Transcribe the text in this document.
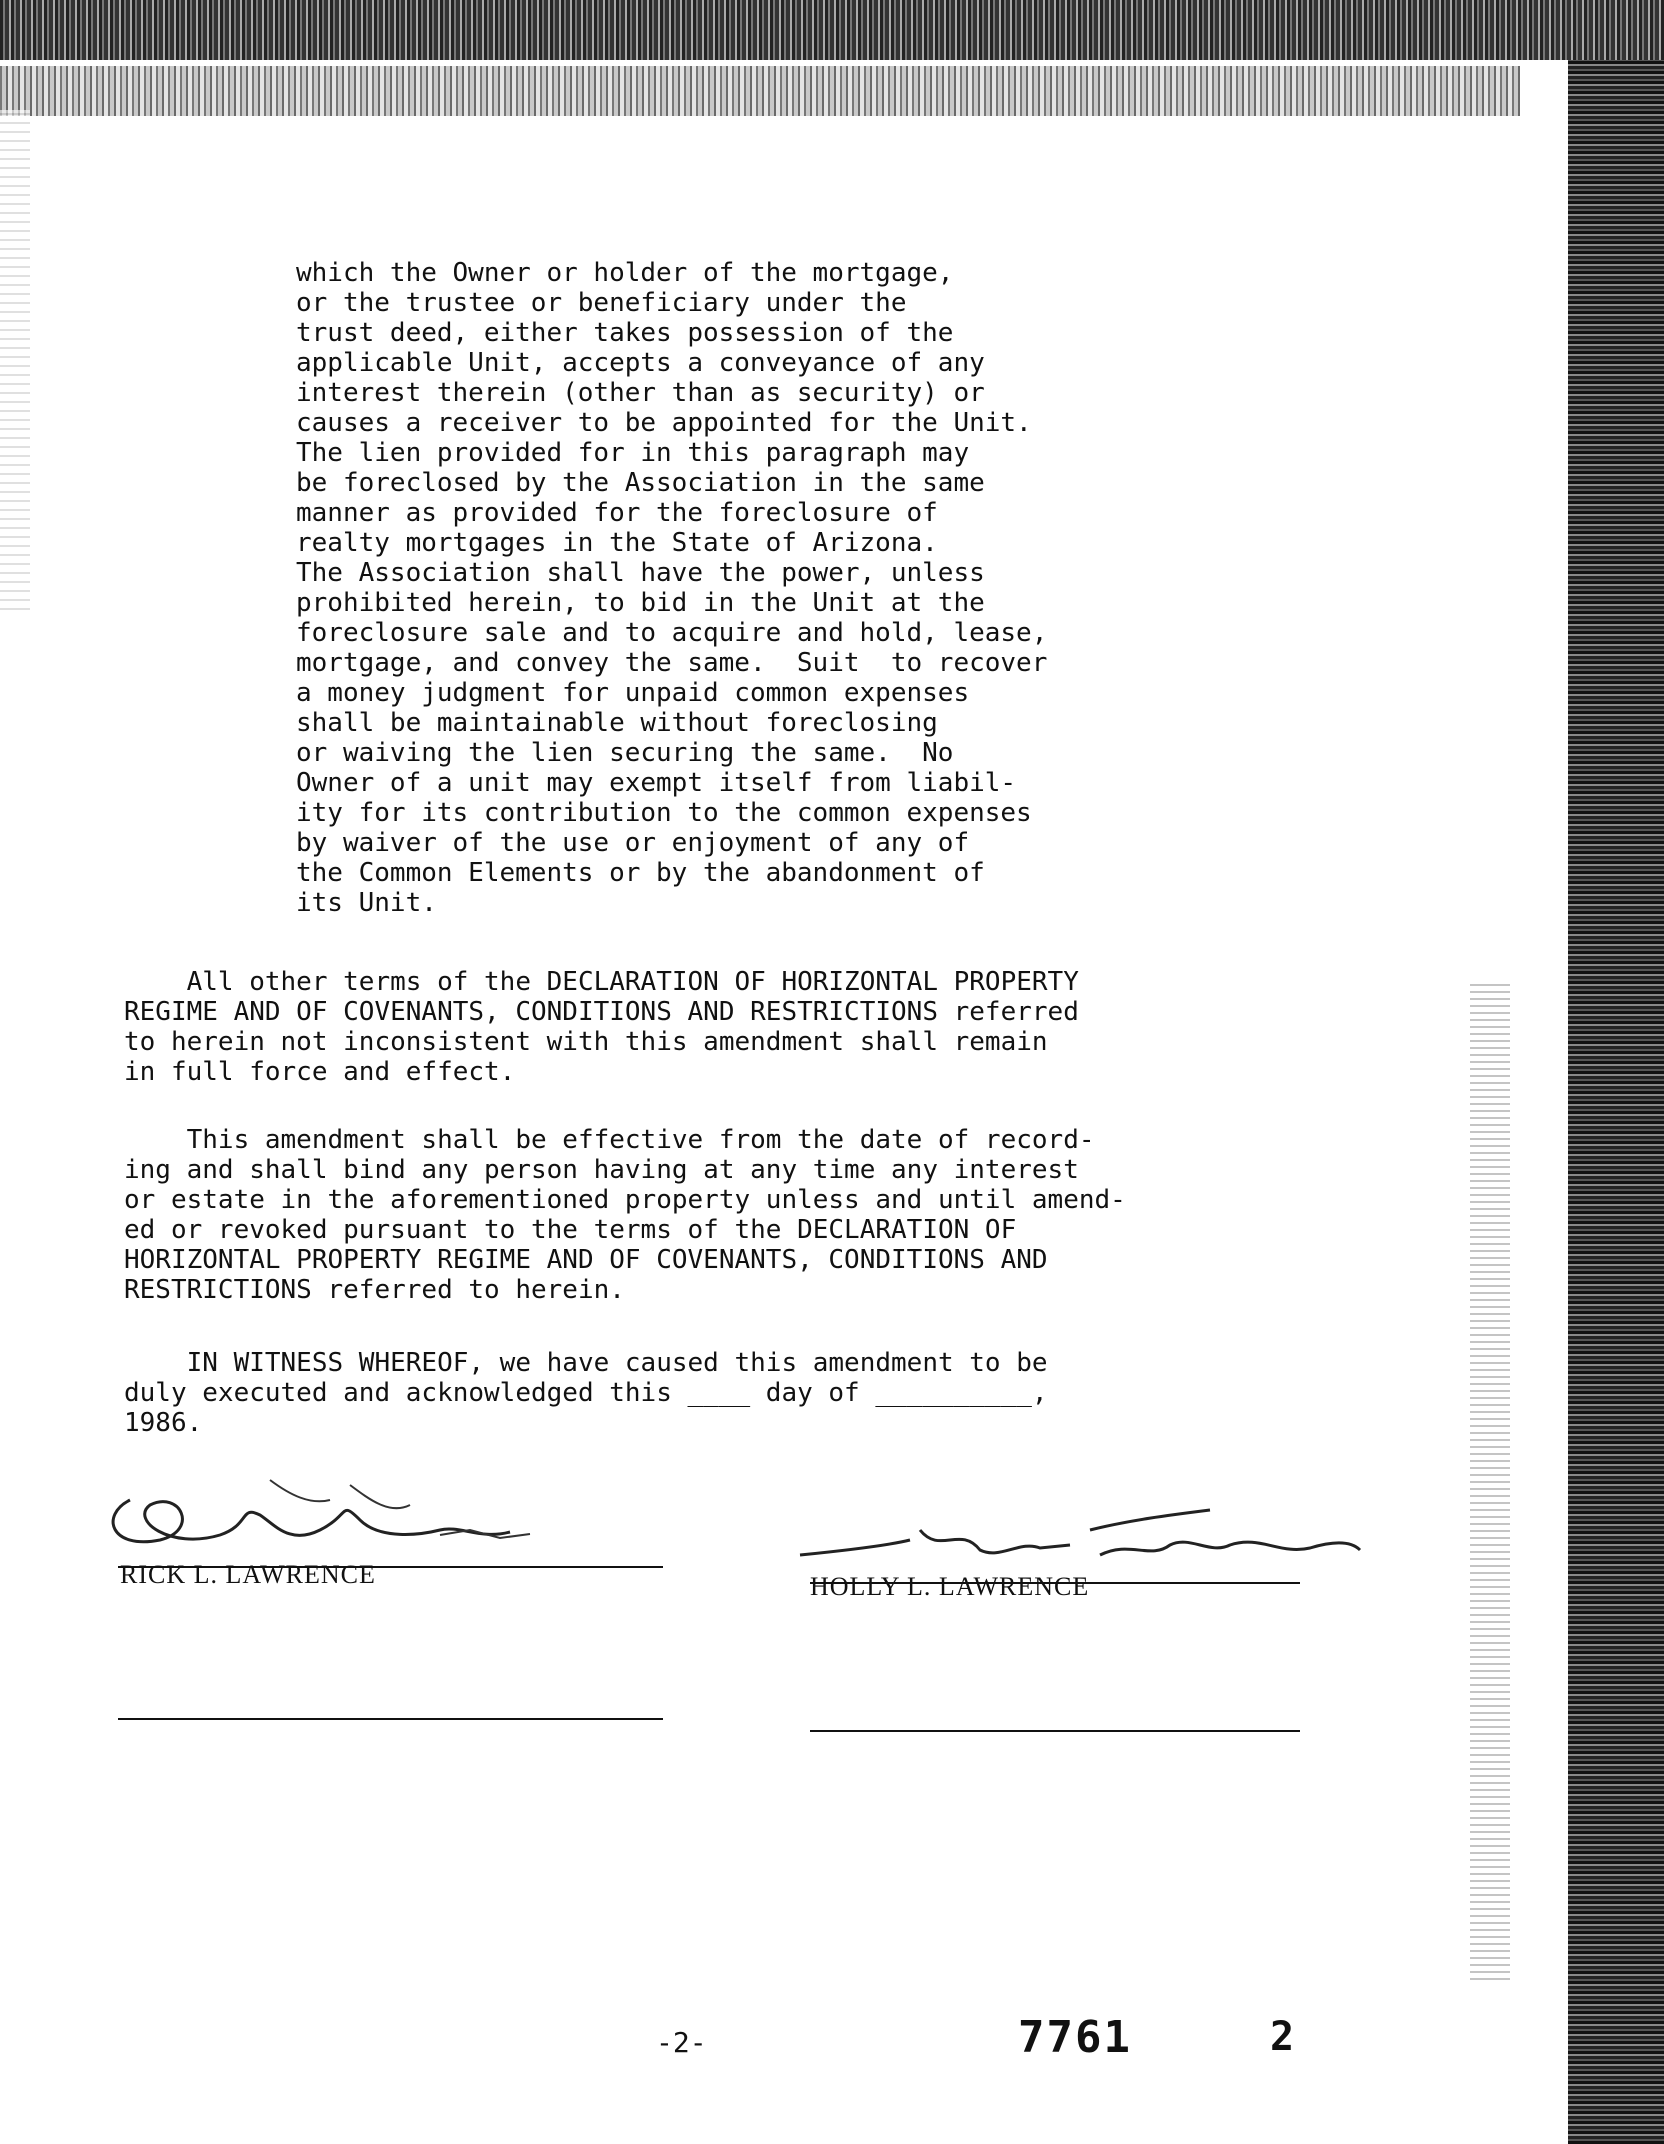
which the Owner or holder of the mortgage,
or the trustee or beneficiary under the
trust deed, either takes possession of the
applicable Unit, accepts a conveyance of any
interest therein (other than as security) or
causes a receiver to be appointed for the Unit.
The lien provided for in this paragraph may
be foreclosed by the Association in the same
manner as provided for the foreclosure of
realty mortgages in the State of Arizona.
The Association shall have the power, unless
prohibited herein, to bid in the Unit at the
foreclosure sale and to acquire and hold, lease,
mortgage, and convey the same.  Suit  to recover
a money judgment for unpaid common expenses
shall be maintainable without foreclosing
or waiving the lien securing the same.  No
Owner of a unit may exempt itself from liabil-
ity for its contribution to the common expenses
by waiver of the use or enjoyment of any of
the Common Elements or by the abandonment of
its Unit.

All other terms of the DECLARATION OF HORIZONTAL PROPERTY
REGIME AND OF COVENANTS, CONDITIONS AND RESTRICTIONS referred
to herein not inconsistent with this amendment shall remain
in full force and effect.

This amendment shall be effective from the date of record-
ing and shall bind any person having at any time any interest
or estate in the aforementioned property unless and until amend-
ed or revoked pursuant to the terms of the DECLARATION OF
HORIZONTAL PROPERTY REGIME AND OF COVENANTS, CONDITIONS AND
RESTRICTIONS referred to herein.

IN WITNESS WHEREOF, we have caused this amendment to be
duly executed and acknowledged this ____ day of __________,
1986.

RICK L. LAWRENCE	HOLLY L. LAWRENCE
-2-	7761	2
